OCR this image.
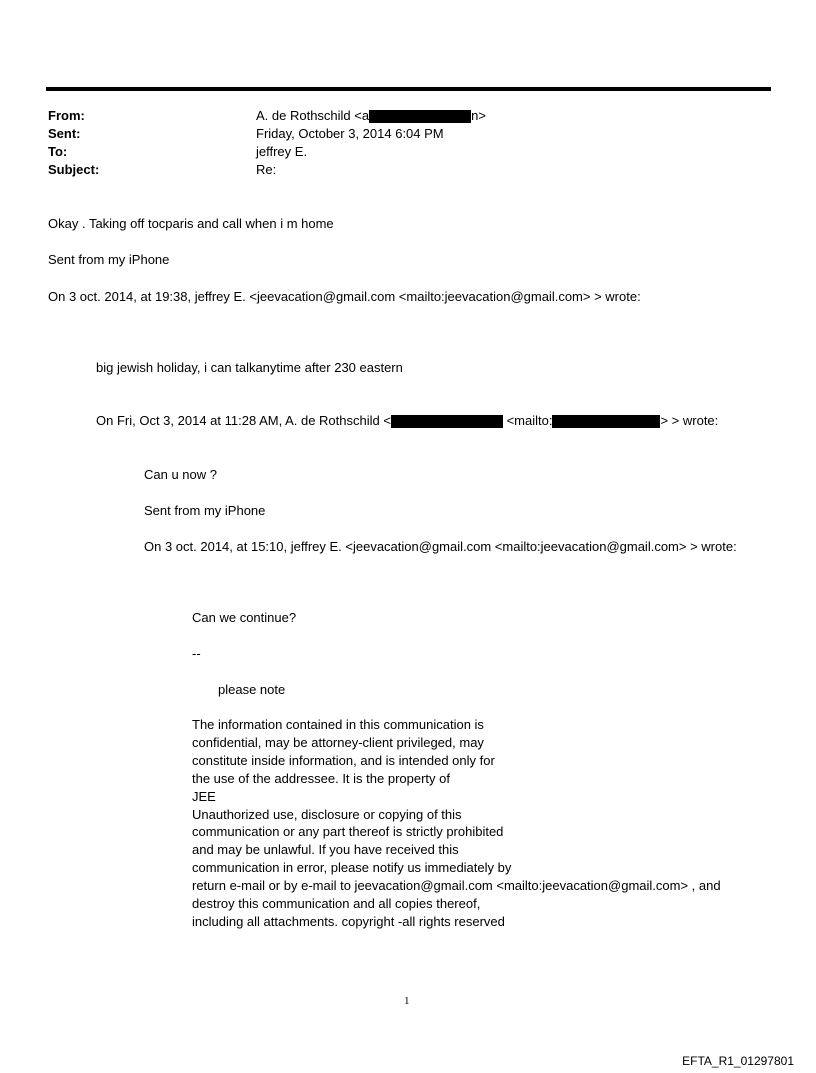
From:	A. de Rothschild <a	n>
Sent:	Friday, October 3, 2014 6:04 PM
To:	jeffrey E.
Subject:	Re:
Okay . Taking off tocparis and call when i m home
Sent from my iPhone
On 3 oct. 2014, at 19:38, jeffrey E. <jeevacation@gmail.com <mailto:jeevacation@gmail.com> > wrote:
big jewish holiday, i can talkanytime after 230 eastern
On Fri, Oct 3, 2014 at 11:28 AM, A. de Rothschild <	<mailto:	> > wrote:
Can u now ?
Sent from my iPhone
On 3 oct. 2014, at 15:10, jeffrey E. <jeevacation@gmail.com <mailto:jeevacation@gmail.com> > wrote:
Can we continue?
--
please note
The information contained in this communication is
confidential, may be attorney-client privileged, may
constitute inside information, and is intended only for
the use of the addressee. It is the property of
JEE
Unauthorized use, disclosure or copying of this
communication or any part thereof is strictly prohibited
and may be unlawful. If you have received this
communication in error, please notify us immediately by
return e-mail or by e-mail to jeevacation@gmail.com <mailto:jeevacation@gmail.com> , and
destroy this communication and all copies thereof,
including all attachments. copyright -all rights reserved
1
EFTA_R1_01297801
